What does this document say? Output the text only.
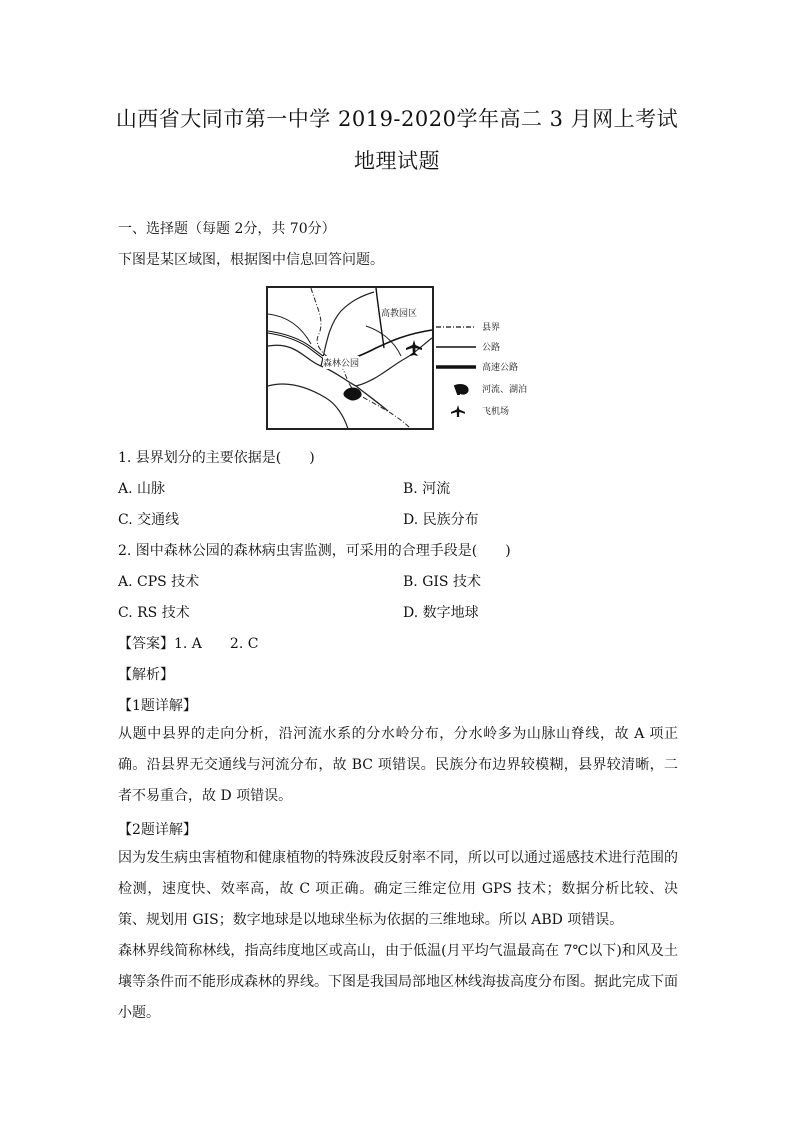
山西省大同市第一中学 2019-2020学年高二 3 月网上考试
地理试题
一、选择题（每题 2分，共 70分）
下图是某区域图，根据图中信息回答问题。
高教园区
森林公园
县界
公路
高速公路
河流、湖泊
飞机场
1. 县界划分的主要依据是(　　)
A. 山脉	B. 河流
C. 交通线	D. 民族分布
2. 图中森林公园的森林病虫害监测，可采用的合理手段是(　　)
A. CPS 技术	B. GIS 技术
C. RS 技术	D. 数字地球
【答案】1. A　　2. C
【解析】
【1题详解】
从题中县界的走向分析，沿河流水系的分水岭分布，分水岭多为山脉山脊线，故 A 项正确。沿县界无交通线与河流分布，故 BC 项错误。民族分布边界较模糊，县界较清晰，二者不易重合，故 D 项错误。
【2题详解】
因为发生病虫害植物和健康植物的特殊波段反射率不同，所以可以通过遥感技术进行范围的检测，速度快、效率高，故 C 项正确。确定三维定位用 GPS 技术；数据分析比较、决策、规划用 GIS；数字地球是以地球坐标为依据的三维地球。所以 ABD 项错误。
森林界线简称林线，指高纬度地区或高山，由于低温(月平均气温最高在 7℃以下)和风及土壤等条件而不能形成森林的界线。下图是我国局部地区林线海拔高度分布图。据此完成下面小题。
